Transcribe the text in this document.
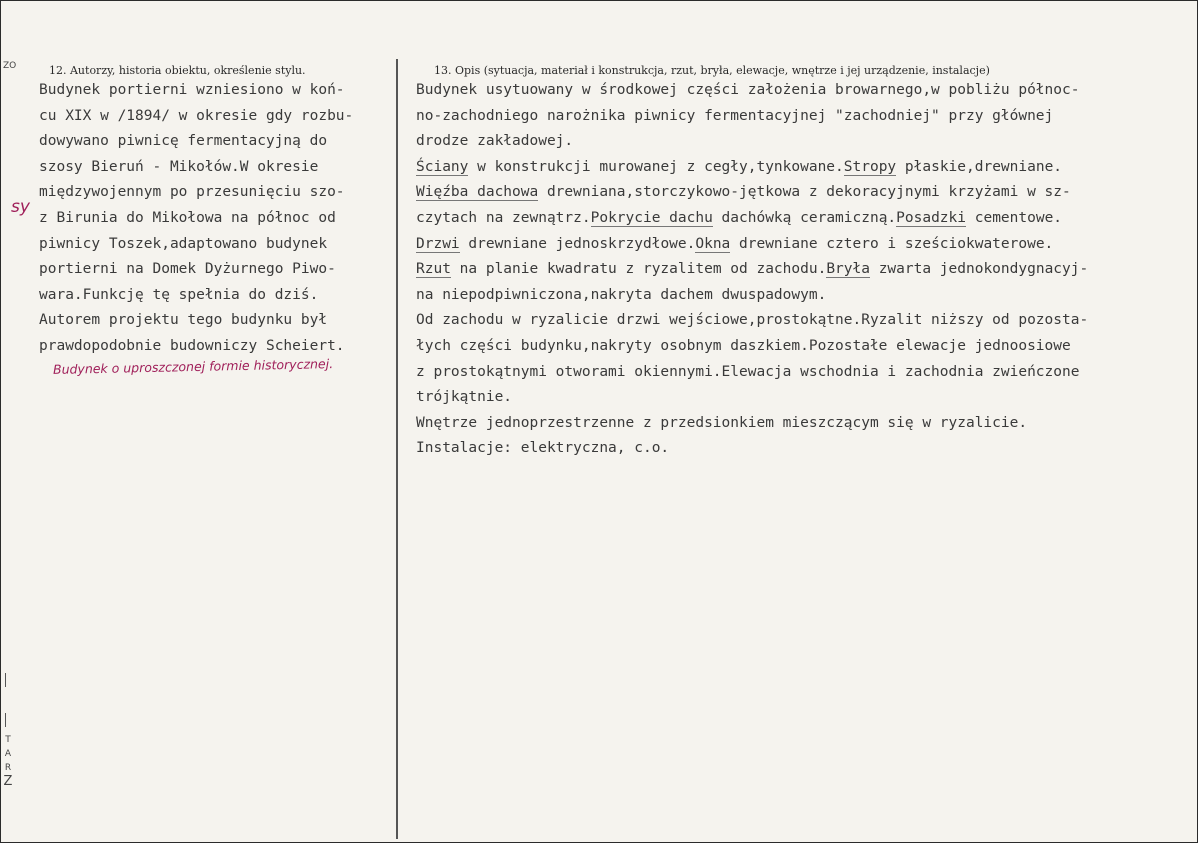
ZO
T
A
R
Z
12. Autorzy, historia obiektu, określenie stylu.	13. Opis (sytuacja, materiał i konstrukcja, rzut, bryła, elewacje, wnętrze i jej urządzenie, instalacje)
Budynek portierni wzniesiono w koń-
cu XIX w /1894/ w okresie gdy rozbu-
dowywano piwnicę fermentacyjną do
szosy Bieruń - Mikołów.W okresie
międzywojennym po przesunięciu szo-
z Birunia do Mikołowa na północ od
piwnicy Toszek,adaptowano budynek
portierni na Domek Dyżurnego Piwo-
wara.Funkcję tę spełnia do dziś.
Autorem projektu tego budynku był
prawdopodobnie budowniczy Scheiert.
Budynek usytuowany w środkowej części założenia browarnego,w pobliżu północ-
no-zachodniego narożnika piwnicy fermentacyjnej "zachodniej" przy głównej
drodze zakładowej.
Ściany w konstrukcji murowanej z cegły,tynkowane.Stropy płaskie,drewniane.
Więźba dachowa drewniana,storczykowo-jętkowa z dekoracyjnymi krzyżami w sz-
czytach na zewnątrz.Pokrycie dachu dachówką ceramiczną.Posadzki cementowe.
Drzwi drewniane jednoskrzydłowe.Okna drewniane cztero i sześciokwaterowe.
Rzut na planie kwadratu z ryzalitem od zachodu.Bryła zwarta jednokondygnacyj-
na niepodpiwniczona,nakryta dachem dwuspadowym.
Od zachodu w ryzalicie drzwi wejściowe,prostokątne.Ryzalit niższy od pozosta-
łych części budynku,nakryty osobnym daszkiem.Pozostałe elewacje jednoosiowe
z prostokątnymi otworami okiennymi.Elewacja wschodnia i zachodnia zwieńczone
trójkątnie.
Wnętrze jednoprzestrzenne z przedsionkiem mieszczącym się w ryzalicie.
Instalacje: elektryczna, c.o.
sy
Budynek o uproszczonej formie historycznej.
